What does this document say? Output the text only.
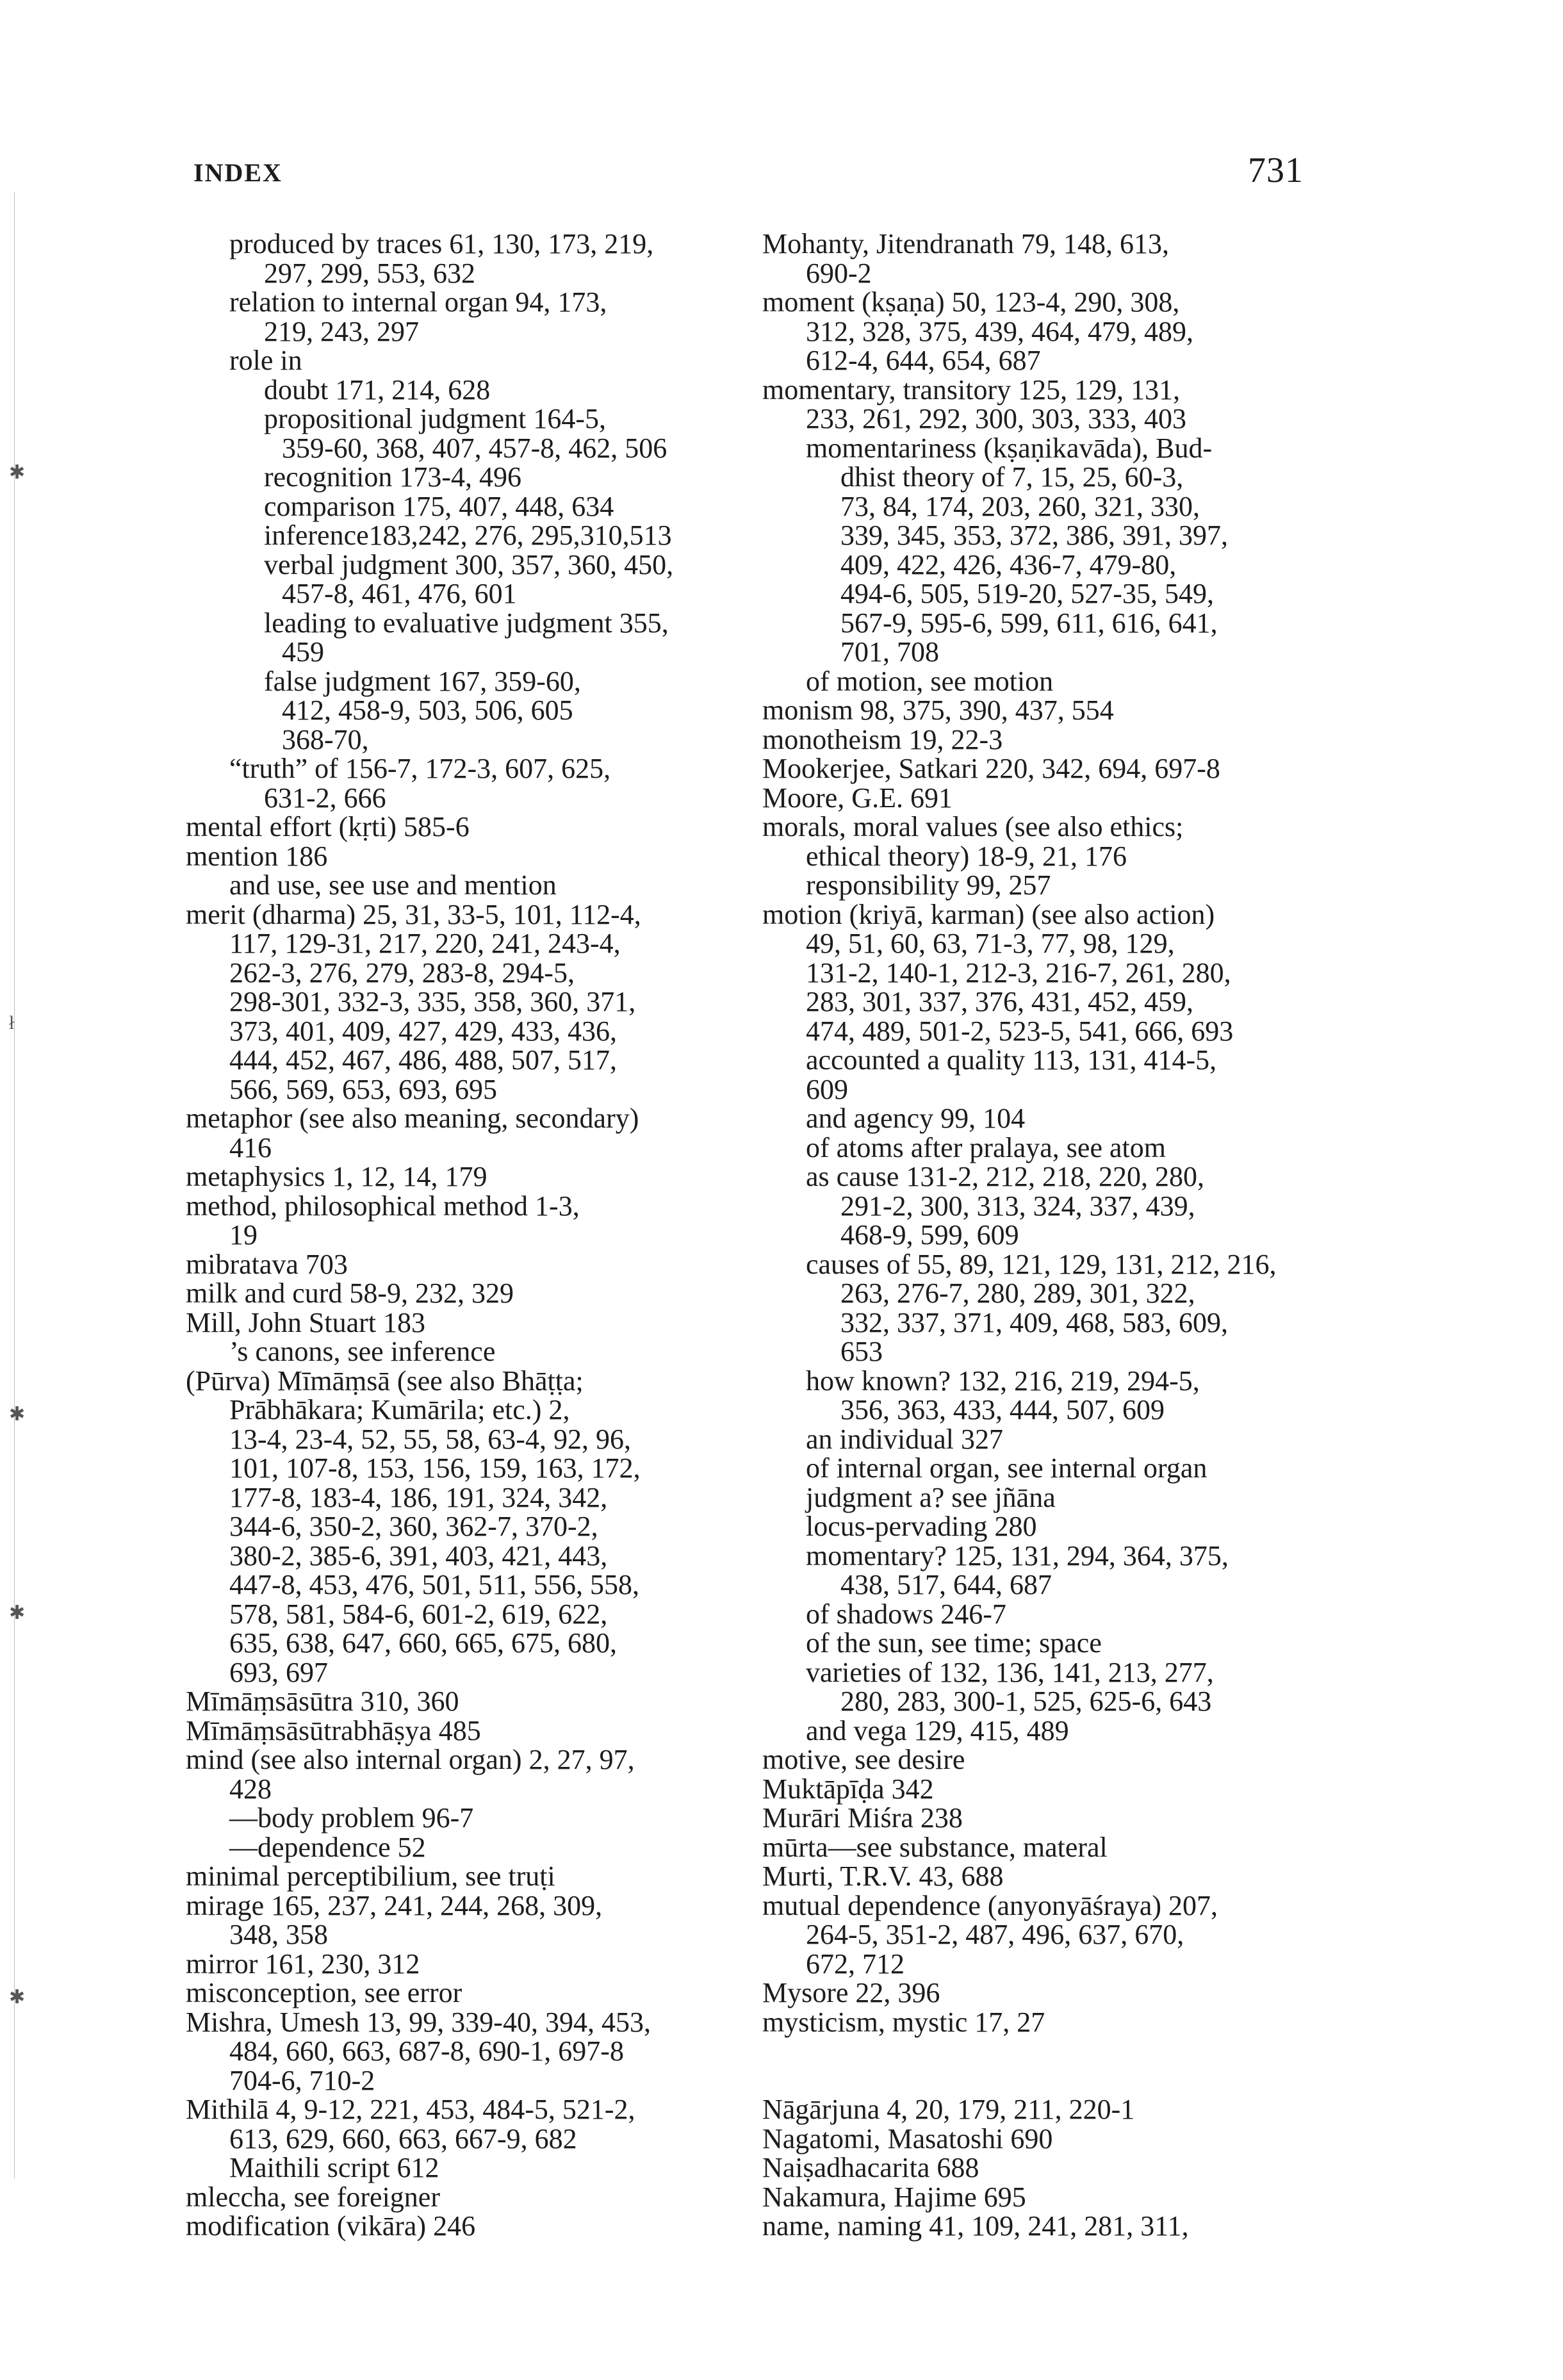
✱
ł
✱
✱
✱
INDEX	731
produced by traces 61, 130, 173, 219,
297, 299, 553, 632
relation to internal organ 94, 173,
219, 243, 297
role in
doubt 171, 214, 628
propositional judgment 164-5,
359-60, 368, 407, 457-8, 462, 506
recognition 173-4, 496
comparison 175, 407, 448, 634
inference183,242, 276, 295,310,513
verbal judgment 300, 357, 360, 450,
457-8, 461, 476, 601
leading to evaluative judgment 355,
459
false judgment 167, 359-60,
412, 458-9, 503, 506, 605
368-70,
“truth” of 156-7, 172-3, 607, 625,
631-2, 666
mental effort (kṛti) 585-6
mention 186
and use, see use and mention
merit (dharma) 25, 31, 33-5, 101, 112-4,
117, 129-31, 217, 220, 241, 243-4,
262-3, 276, 279, 283-8, 294-5,
298-301, 332-3, 335, 358, 360, 371,
373, 401, 409, 427, 429, 433, 436,
444, 452, 467, 486, 488, 507, 517,
566, 569, 653, 693, 695
metaphor (see also meaning, secondary)
416
metaphysics 1, 12, 14, 179
method, philosophical method 1-3,
19
mibratava 703
milk and curd 58-9, 232, 329
Mill, John Stuart 183
’s canons, see inference
(Pūrva) Mīmāṃsā (see also Bhāṭṭa;
Prābhākara; Kumārila; etc.) 2,
13-4, 23-4, 52, 55, 58, 63-4, 92, 96,
101, 107-8, 153, 156, 159, 163, 172,
177-8, 183-4, 186, 191, 324, 342,
344-6, 350-2, 360, 362-7, 370-2,
380-2, 385-6, 391, 403, 421, 443,
447-8, 453, 476, 501, 511, 556, 558,
578, 581, 584-6, 601-2, 619, 622,
635, 638, 647, 660, 665, 675, 680,
693, 697
Mīmāṃsāsūtra 310, 360
Mīmāṃsāsūtrabhāṣya 485
mind (see also internal organ) 2, 27, 97,
428
—body problem 96-7
—dependence 52
minimal perceptibilium, see truṭi
mirage 165, 237, 241, 244, 268, 309,
348, 358
mirror 161, 230, 312
misconception, see error
Mishra, Umesh 13, 99, 339-40, 394, 453,
484, 660, 663, 687-8, 690-1, 697-8
704-6, 710-2
Mithilā 4, 9-12, 221, 453, 484-5, 521-2,
613, 629, 660, 663, 667-9, 682
Maithili script 612
mleccha, see foreigner
modification (vikāra) 246
Mohanty, Jitendranath 79, 148, 613,
690-2
moment (kṣaṇa) 50, 123-4, 290, 308,
312, 328, 375, 439, 464, 479, 489,
612-4, 644, 654, 687
momentary, transitory 125, 129, 131,
233, 261, 292, 300, 303, 333, 403
momentariness (kṣaṇikavāda), Bud-
dhist theory of 7, 15, 25, 60-3,
73, 84, 174, 203, 260, 321, 330,
339, 345, 353, 372, 386, 391, 397,
409, 422, 426, 436-7, 479-80,
494-6, 505, 519-20, 527-35, 549,
567-9, 595-6, 599, 611, 616, 641,
701, 708
of motion, see motion
monism 98, 375, 390, 437, 554
monotheism 19, 22-3
Mookerjee, Satkari 220, 342, 694, 697-8
Moore, G.E. 691
morals, moral values (see also ethics;
ethical theory) 18-9, 21, 176
responsibility 99, 257
motion (kriyā, karman) (see also action)
49, 51, 60, 63, 71-3, 77, 98, 129,
131-2, 140-1, 212-3, 216-7, 261, 280,
283, 301, 337, 376, 431, 452, 459,
474, 489, 501-2, 523-5, 541, 666, 693
accounted a quality 113, 131, 414-5,
609
and agency 99, 104
of atoms after pralaya, see atom
as cause 131-2, 212, 218, 220, 280,
291-2, 300, 313, 324, 337, 439,
468-9, 599, 609
causes of 55, 89, 121, 129, 131, 212, 216,
263, 276-7, 280, 289, 301, 322,
332, 337, 371, 409, 468, 583, 609,
653
how known? 132, 216, 219, 294-5,
356, 363, 433, 444, 507, 609
an individual 327
of internal organ, see internal organ
judgment a? see jñāna
locus-pervading 280
momentary? 125, 131, 294, 364, 375,
438, 517, 644, 687
of shadows 246-7
of the sun, see time; space
varieties of 132, 136, 141, 213, 277,
280, 283, 300-1, 525, 625-6, 643
and vega 129, 415, 489
motive, see desire
Muktāpīḍa 342
Murāri Miśra 238
mūrta—see substance, materal
Murti, T.R.V. 43, 688
mutual dependence (anyonyāśraya) 207,
264-5, 351-2, 487, 496, 637, 670,
672, 712
Mysore 22, 396
mysticism, mystic 17, 27
Nāgārjuna 4, 20, 179, 211, 220-1
Nagatomi, Masatoshi 690
Naiṣadhacarita 688
Nakamura, Hajime 695
name, naming 41, 109, 241, 281, 311,
